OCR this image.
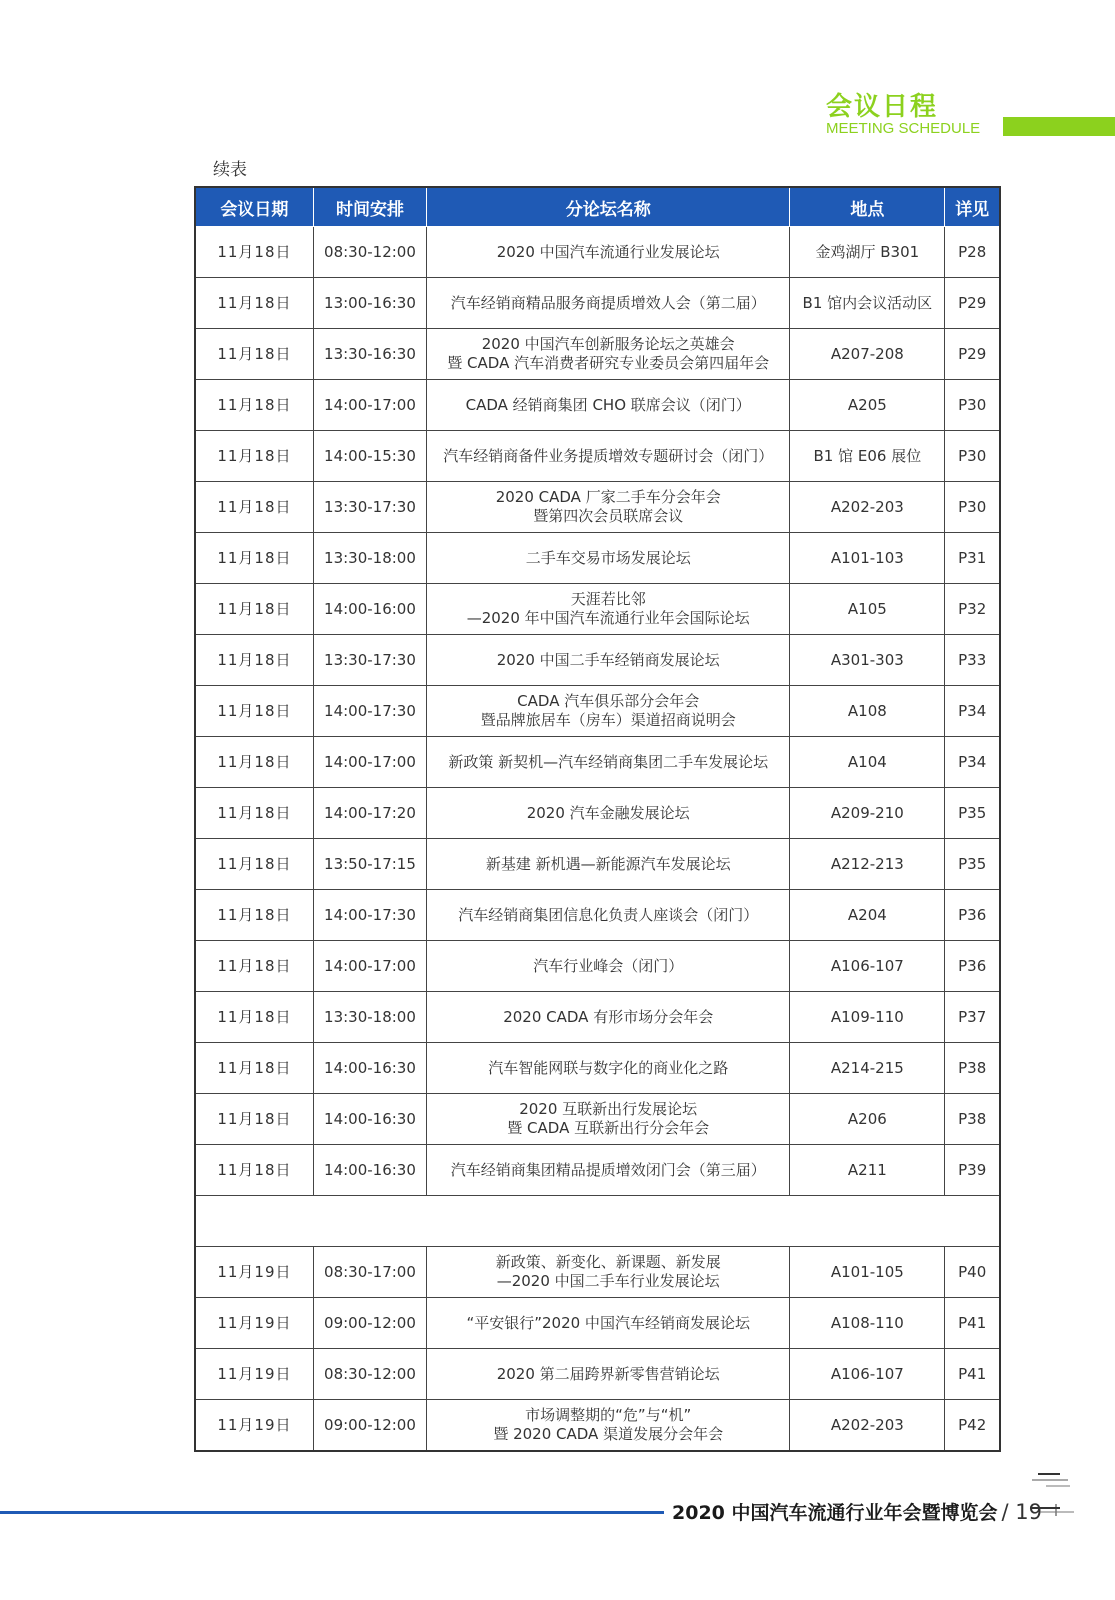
会议日程
MEETING SCHEDULE
续表
会议日期	时间安排	分论坛名称	地点	详见
11月18日	08:30-12:00	2020 中国汽车流通行业发展论坛	金鸡湖厅 B301	P28
11月18日	13:00-16:30	汽车经销商精品服务商提质增效人会（第二届）	B1 馆内会议活动区	P29
11月18日	13:30-16:30	2020 中国汽车创新服务论坛之英雄会
暨 CADA 汽车消费者研究专业委员会第四届年会	A207-208	P29
11月18日	14:00-17:00	CADA 经销商集团 CHO 联席会议（闭门）	A205	P30
11月18日	14:00-15:30	汽车经销商备件业务提质增效专题研讨会（闭门）	B1 馆 E06 展位	P30
11月18日	13:30-17:30	2020 CADA 厂家二手车分会年会
暨第四次会员联席会议	A202-203	P30
11月18日	13:30-18:00	二手车交易市场发展论坛	A101-103	P31
11月18日	14:00-16:00	天涯若比邻
—2020 年中国汽车流通行业年会国际论坛	A105	P32
11月18日	13:30-17:30	2020 中国二手车经销商发展论坛	A301-303	P33
11月18日	14:00-17:30	CADA 汽车俱乐部分会年会
暨品牌旅居车（房车）渠道招商说明会	A108	P34
11月18日	14:00-17:00	新政策 新契机—汽车经销商集团二手车发展论坛	A104	P34
11月18日	14:00-17:20	2020 汽车金融发展论坛	A209-210	P35
11月18日	13:50-17:15	新基建 新机遇—新能源汽车发展论坛	A212-213	P35
11月18日	14:00-17:30	汽车经销商集团信息化负责人座谈会（闭门）	A204	P36
11月18日	14:00-17:00	汽车行业峰会（闭门）	A106-107	P36
11月18日	13:30-18:00	2020 CADA 有形市场分会年会	A109-110	P37
11月18日	14:00-16:30	汽车智能网联与数字化的商业化之路	A214-215	P38
11月18日	14:00-16:30	2020 互联新出行发展论坛
暨 CADA 互联新出行分会年会	A206	P38
11月18日	14:00-16:30	汽车经销商集团精品提质增效闭门会（第三届）	A211	P39

11月19日	08:30-17:00	新政策、新变化、新课题、新发展
—2020 中国二手车行业发展论坛	A101-105	P40
11月19日	09:00-12:00	“平安银行”2020 中国汽车经销商发展论坛	A108-110	P41
11月19日	08:30-12:00	2020 第二届跨界新零售营销论坛	A106-107	P41
11月19日	09:00-12:00	市场调整期的“危”与“机”
暨 2020 CADA 渠道发展分会年会	A202-203	P42
2020 中国汽车流通行业年会暨博览会 / 19
